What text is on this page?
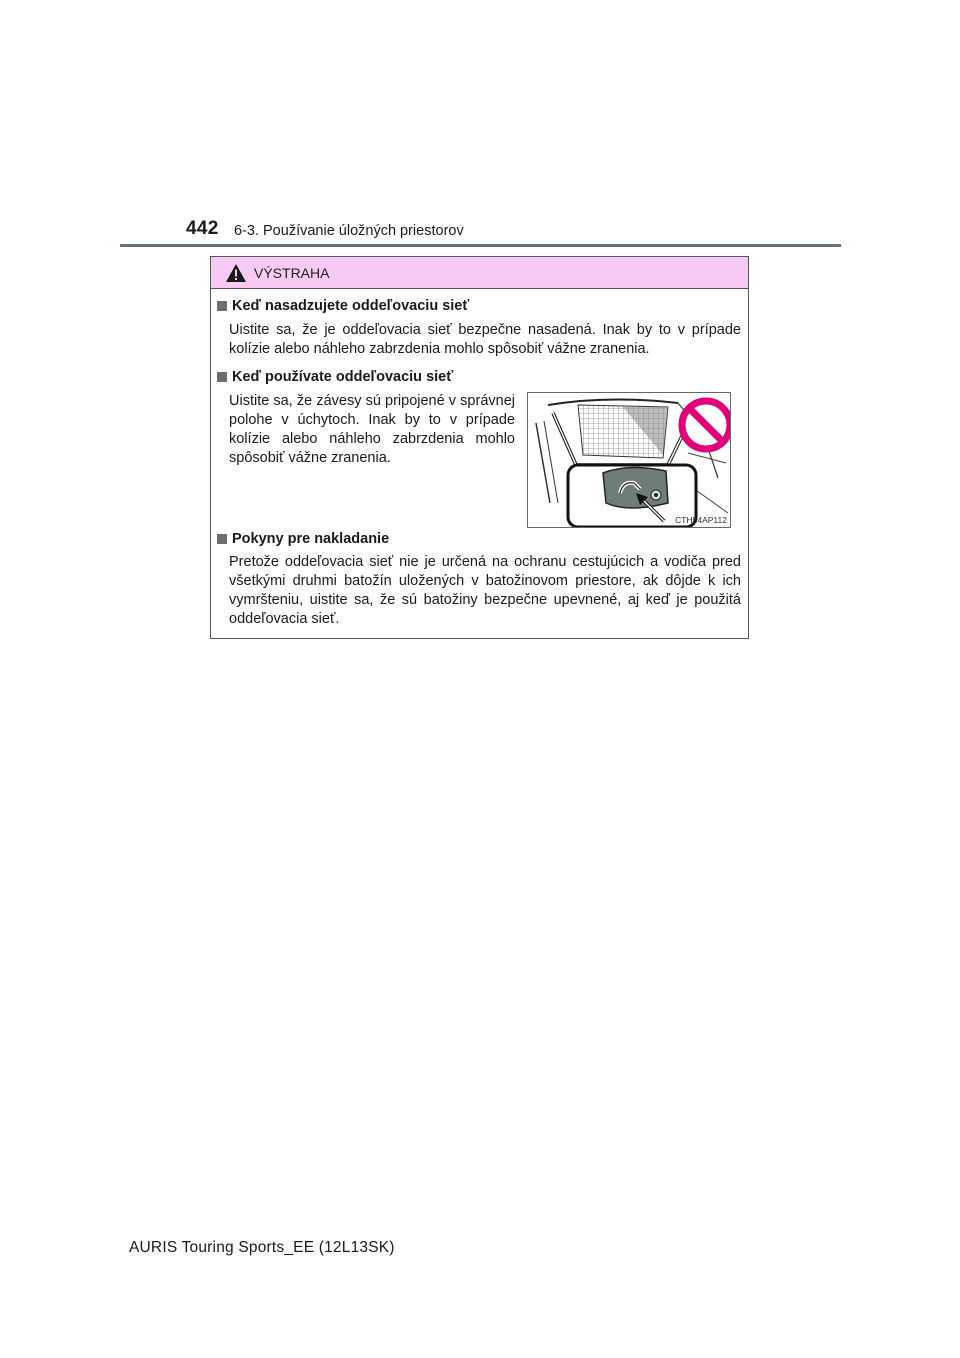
442 6-3. Používanie úložných priestorov
VÝSTRAHA
Keď nasadzujete oddeľovaciu sieť
Uistite sa, že je oddeľovacia sieť bezpečne nasadená. Inak by to v prípade kolízie alebo náhleho zabrzdenia mohlo spôsobiť vážne zranenia.
Keď používate oddeľovaciu sieť
Uistite sa, že závesy sú pripojené v správnej polohe v úchytoch. Inak by to v prípade kolízie alebo náhleho zabrzdenia mohlo spôsobiť vážne zranenia.
CTH54AP112
Pokyny pre nakladanie
Pretože oddeľovacia sieť nie je určená na ochranu cestujúcich a vodiča pred všetkými druhmi batožín uložených v batožinovom priestore, ak dôjde k ich vymršteniu, uistite sa, že sú batožiny bezpečne upevnené, aj keď je použitá oddeľovacia sieť.
AURIS Touring Sports_EE (12L13SK)
